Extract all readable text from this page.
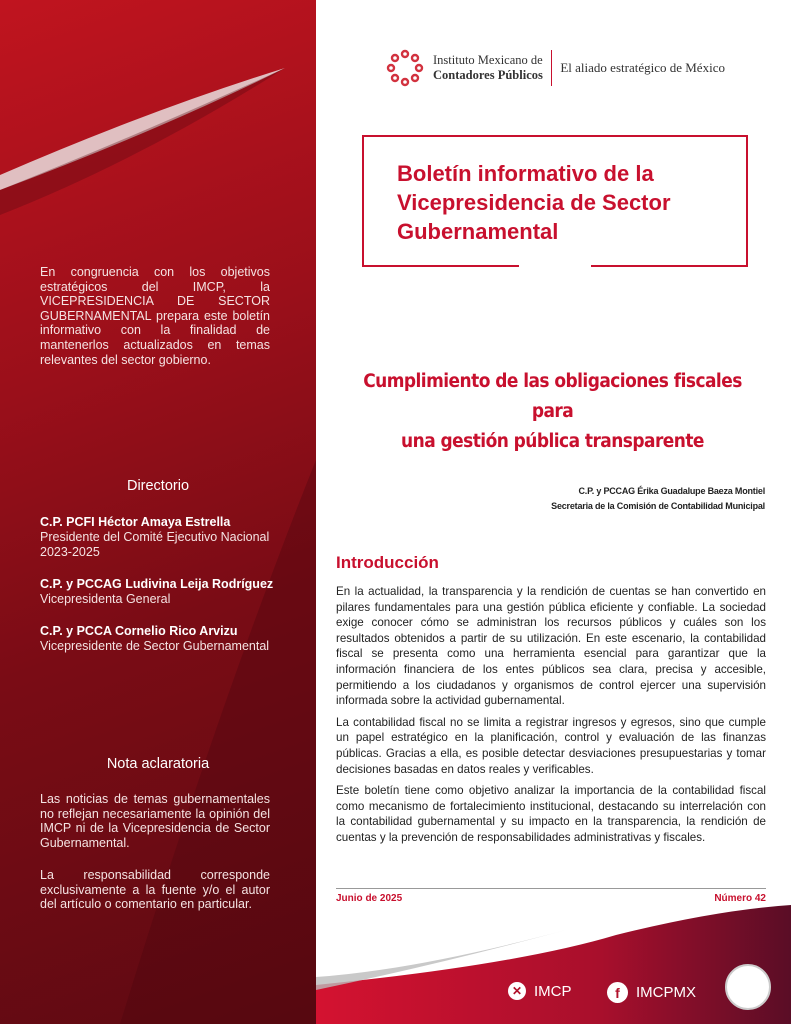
En congruencia con los objetivos estratégicos del IMCP, la VICEPRESIDENCIA DE SECTOR GUBERNAMENTAL prepara este boletín informativo con la finalidad de mantenerlos actualizados en temas relevantes del sector gobierno.

Directorio
C.P. PCFI Héctor Amaya Estrella
Presidente del Comité Ejecutivo Nacional
2023-2025
C.P. y PCCAG Ludivina Leija Rodríguez
Vicepresidenta General
C.P. y PCCA Cornelio Rico Arvizu
Vicepresidente de Sector Gubernamental
Nota aclaratoria

Las noticias de temas gubernamentales no reflejan necesariamente la opinión del IMCP ni de la Vicepresidencia de Sector Gubernamental.

La responsabilidad corresponde exclusivamente a la fuente y/o el autor del artículo o comentario en particular.

Instituto Mexicano de
Contadores Públicos El aliado estratégico de México
Boletín informativo de la
Vicepresidencia de Sector
Gubernamental
Cumplimiento de las obligaciones fiscales para
una gestión pública transparente
C.P. y PCCAG Érika Guadalupe Baeza Montiel
Secretaria de la Comisión de Contabilidad Municipal
Introducción

En la actualidad, la transparencia y la rendición de cuentas se han convertido en pilares fundamentales para una gestión pública eficiente y confiable. La sociedad exige conocer cómo se administran los recursos públicos y cuáles son los resultados obtenidos a partir de su utilización. En este escenario, la contabilidad fiscal se presenta como una herramienta esencial para garantizar que la información financiera de los entes públicos sea clara, precisa y accesible, permitiendo a los ciudadanos y organismos de control ejercer una supervisión informada sobre la actividad gubernamental.

La contabilidad fiscal no se limita a registrar ingresos y egresos, sino que cumple un papel estratégico en la planificación, control y evaluación de las finanzas públicas. Gracias a ella, es posible detectar desviaciones presupuestarias y tomar decisiones basadas en datos reales y verificables.

Este boletín tiene como objetivo analizar la importancia de la contabilidad fiscal como mecanismo de fortalecimiento institucional, destacando su interrelación con la contabilidad gubernamental y su impacto en la transparencia, la rendición de cuentas y la prevención de responsabilidades administrativas y fiscales.

Junio de 2025	Número 42
✕ IMCP	f	IMCPMX
